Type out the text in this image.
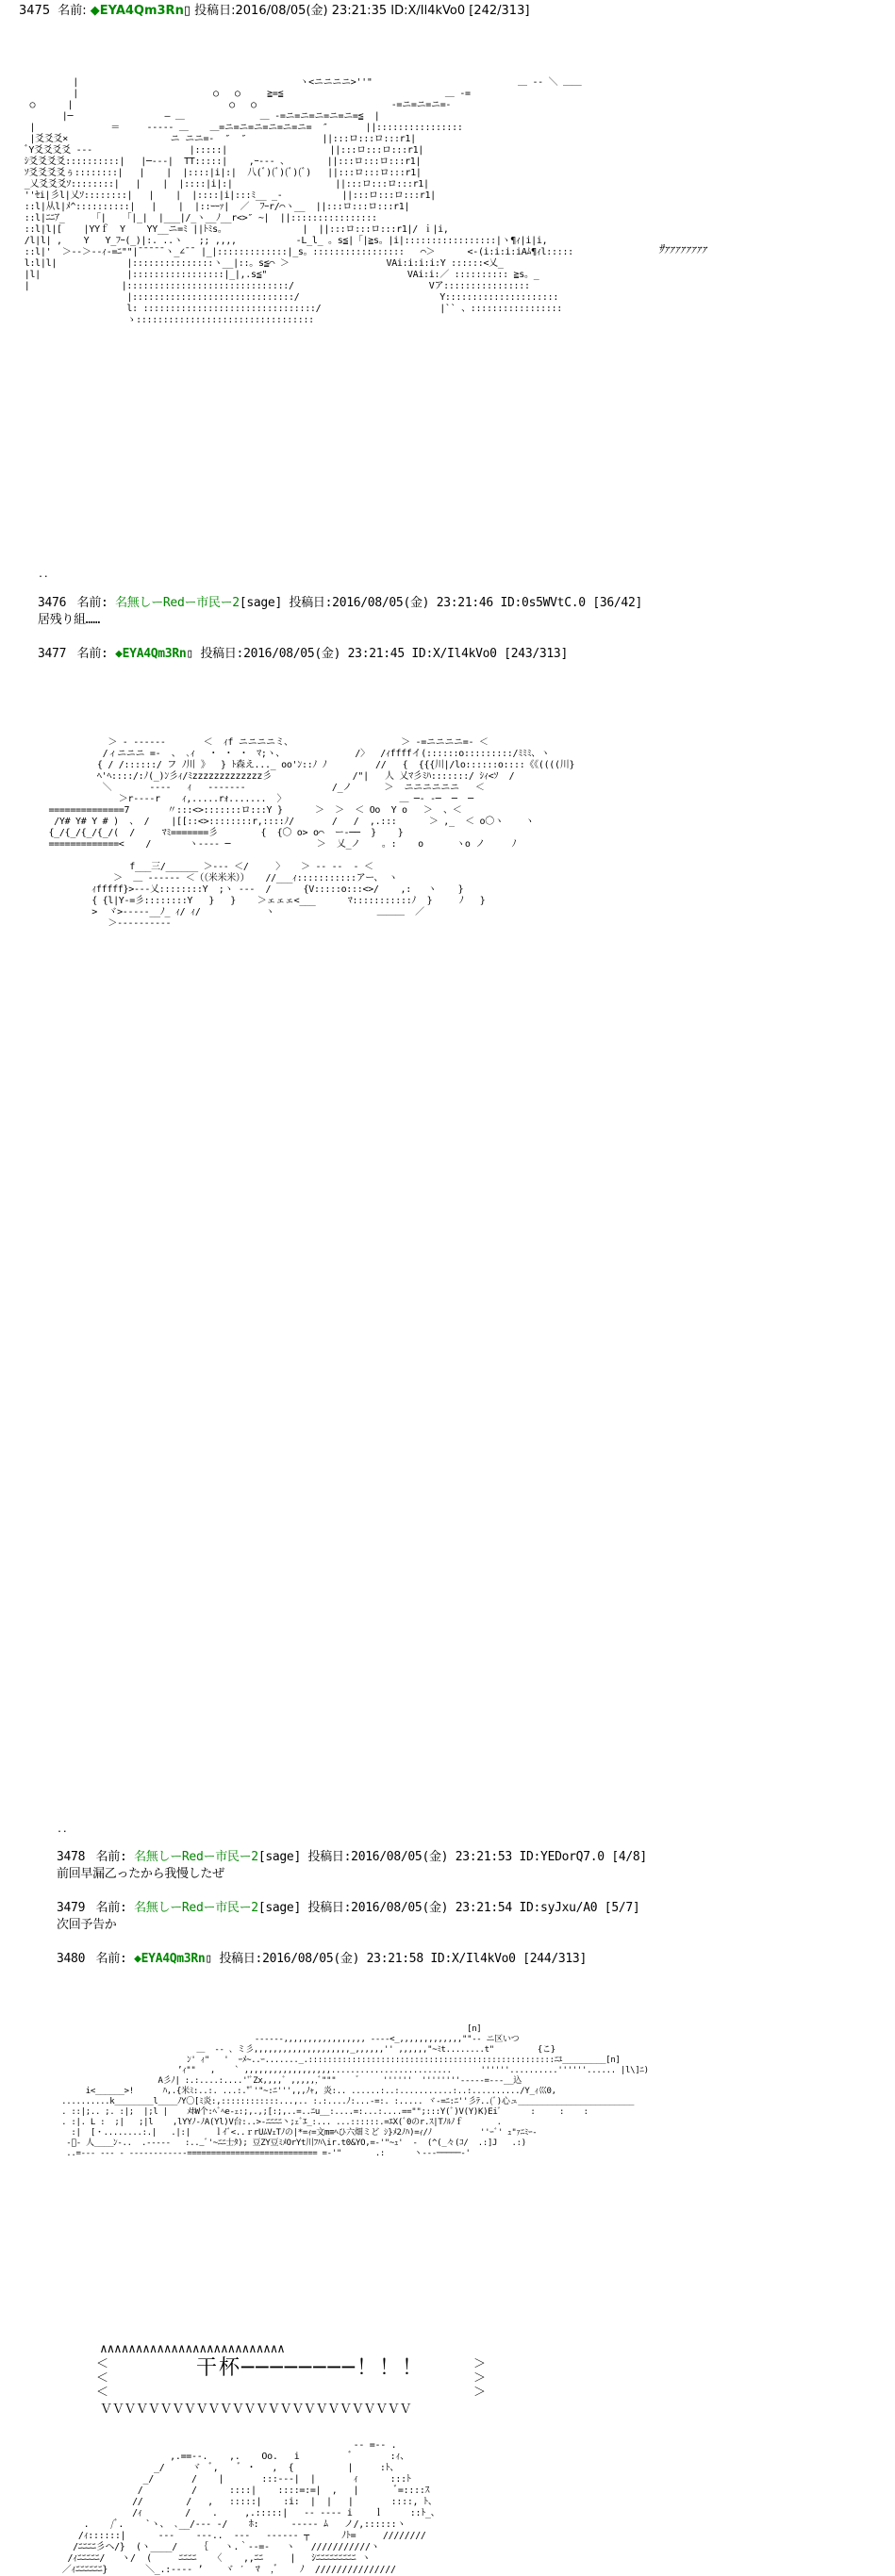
3475 名前: ◆EYA4Qm3Rn▯ 投稿日:2016/08/05(金) 23:21:35 ID:X/Il4kVo0 [242/313]

|                                         ヽ<ニニニニ>''"                           ＿ -‐ ＼ ＿＿
|                         ○   ○     ≧=≦                              ＿ -=
○      |                             ○   ○                         -=ニ=ニ=ニ=‐
|─                 ― ＿              ＿ -=ニ=ニ=ニ=ニ=ニ=≦  |
|              ＝     ‐‐‐‐‐ ＿    ＿=ニ=ニ=ニ=ニ=ニ=ニ=  ″       ||::::::::::::::::
|爻爻爻×                   ニ ニニ=-  ″  ″              ||:::ロ:::ロ:::r1|
ﾞY爻爻爻爻 ---                  |:::::|                   ||:::ロ:::ロ:::r1|
ｼ爻爻爻爻::::::::::|   |─‐‐‐|  TT:::::|    ,ｰ‐-‐ 、       ||:::ロ:::ロ:::r1|
ｿ爻爻爻爻ぅ::::::::|   |    |  |::::|i|:|  八(ﾞ)(ﾞ)(ﾞ)(ﾞ)   ||:::ロ:::ロ:::r1|
_乂爻爻爻ｿ::::::::|   |    |  |::::|i|:|                   ||:::ロ:::ロ:::r1|
''ｾi|彡l|乂ｿ::::::::|   |    |  |::::|i|:::ﾐ__ _‐           ||:::ロ:::ロ:::r1|
::l|从l|ﾒ^::::::::::|   |    |  |::ｰｰｧ|  ／  ﾌｰr/⌒ヽ__  ||:::ロ:::ロ:::r1|
::l|ﾆﾆｱ_     「|   「|_|  |___|/_ヽ__ﾉ__r<>″ ~|  ||::::::::::::::::
::l|l|[    |YYｆ  Y    YY__ニ=ﾐ ||ﾄﾐs。              |  ||:::ロ:::ロ:::r1|/ ｉ|i,
/l|l| ,    Y   Y_ﾌｰ(_)|:. ..ヽ   ;; ,,,,           ‐L_l_ 。s≦|「|≧s。|i|:::::::::::::::::|ヽ¶ｨ|i|i,
::l|'  ＞--＞--ｨ-=ﾆ""|¯¯¯¯¯ヽ_∠¯¯ |_|:::::::::::::|_s。:::::::::::::::::   ⌒＞	<-(i:i:i:iAﾑ¶ｨl:::::
l:l|l|             |:::::::::::::::ヽ__|::。s≦⌒ ＞                  VAi:i:i:i:Y ::::::<乂_
|l|                |:::::::::::::::::|_|,.s≦"                          VAi:i:／ :::::::::: ≧s。_
|                 |::::::::::::::::::::::::::::::/                         Vア::::::::::::::::
|::::::::::::::::::::::::::::::/                          Y:::::::::::::::::::::
l: ::::::::::::::::::::::::::::::::/                      |`` 、:::::::::::::::::
ゝ:::::::::::::::::::::::::::::::::

ｻｧｧｧｧｧｧｧｧ

..

3476 名前: 名無しーRedー市民ー2[sage] 投稿日:2016/08/05(金) 23:21:46 ID:0s5WVtC.0 [36/42]

居残り組……

3477 名前: ◆EYA4Qm3Rn▯ 投稿日:2016/08/05(金) 23:21:45 ID:X/Il4kVo0 [243/313]

＞ ‐ ‐‐‐‐‐‐       ＜  ｨf ニニニニミ、                    ＞ -=ニニニニ=- ＜
/ィニニニ =-  、 ､ｨ   ･  ･  ･  ﾏ;ヽ、             /〉  /ｨffffイ(::::::o:::::::::/ﾐﾐﾐ、ヽ
{ / /::::::/ フ ﾉ川 》  } ﾄ森え..._ oo'ﾝ::ﾉ ﾉ         //   {  {{{川|/lo::::::o::::《《((((川}
ﾍ'ﾍ::::/:ﾉ(_)ﾝ彡ｨ/ﾐzzzzzzzzzzzzz彡               /"|   人 乂ﾏ彡ﾐﾊ:::::::/ ｼｨ<ｿ  /
＼       ‐‐‐-   ｨ   ‐‐‐‐‐‐‐                /_ノ      ＞  ニニニニニニ   ＜
＞r----r    ｨ,.....rｫ.......  〉                     ＿ ─‐ ‐─  ─  ─
==============7       〃:::<>:::::::ロ:::Y }      ＞  ＞  ＜ Oo  Y o   ＞  、＜
/Y# Y# Y # )  、 /    |[[::<>::::::::r,::::ﾉ/       /   /  ,.:::      ＞ ,_  ＜ o〇ヽ    ヽ
{_/{_/{_/{_/(  /     ﾏﾐ=======彡        {  {〇 o> o⌒  ー‐──  }    }
=============<    /       ヽ‐‐-- ─                ＞  乂_ノ    。:    o      ヽo ノ     ﾉ

f___三/______ ＞‐‐‐ ＜/     〉   ＞ ‐‐ ‐‐  ‐ ＜
＞  ＿ ‐‐‐‐‐‐ ＜（（米米米））   //___ｨ:::::::::::アー、 ヽ
ｨfffff}>--‐乂::::::::Y  ;ヽ ‐‐‐  /      {V:::::o:::<>/    ,:   ヽ    }
{ {l|Y‐=彡::::::::Y   }   }    ＞ェェェ<___      ﾏ:::::::::::ﾉ  }     ﾉ   }
>  ヾ>‐‐‐‐‐__ﾉ_ ｨ/ ｨ/            ヽ                   ＿＿＿  ／
＞‐‐‐‐‐‐‐‐‐‐

..

3478 名前: 名無しーRedー市民ー2[sage] 投稿日:2016/08/05(金) 23:21:53 ID:YEDorQ7.0 [4/8]

前回早漏乙ったから我慢したぜ

3479 名前: 名無しーRedー市民ー2[sage] 投稿日:2016/08/05(金) 23:21:54 ID:syJxu/A0 [5/7]

次回予告か

3480 名前: ◆EYA4Qm3Rn▯ 投稿日:2016/08/05(金) 23:21:58 ID:X/Il4kVo0 [244/313]

[n]
‐‐‐‐‐‐,,,,,,,,,,,,,,,,, ‐‐‐‐<_,,,,,,,,,,,,,""‐‐ ニ区いつ
＿  ‐‐ 、ミ彡,,,,,,,,,,,,,,,,,,,,_,,,,,,'' ,,,,,,"~ﾐt........t"         {こ}
ﾝ' ｨ"   '  ｰﾒ~..ｰ......._.:::::::::::::::::::::::::::::::::::::::::::::::::::ﾆﾕ_________[n]
’ｨ""   ,    ` ,,,,,,,,,,,,,,,,,,.........................      ''''''..........''''''...... |l\]ﾆ)
A彡ﾉ| :.:....:....''ﾞZx,,,,ﾞ ,,,,,,ﾞ"""    ゛    ''''''  ''''''''‐‐‐‐‐=‐‐‐__込
i<______>!      ﾊ,.{米ﾐ:..:. ...:."ﾟ'"~:ﾆ''',,,ﾉｬ, 炎:.. ......:..:...........:..:........../Y_ｨ巛0,
..........k________l____ﾉY〇[ﾐ炎:,::::::::::::...,.. :.:....ﾉ:...-=:. :..... ヾ‐=ﾆ:ﾆ''彡ﾃ..(ﾞ)心ュ________________________
. ::|;.. ;. :|;  |;l |    ﾒﾎW个:ﾍﾞﾍe‐ｪ:;,.,;[:;,..=..ﾆu__:....=:...:....=="";:::Y(ﾞ)V(Y)K)Eiﾞ      :     :    :
. :|. L :  ;|   ;|l    ,lYYﾉ-ﾉA(Yl)V台:..>‐ﾆﾆﾆﾆ丶;ｪﾞｴ_:... ...::::::.=ｴX(ﾞ0のr.ｽ|Tﾉﾙﾉｆ       .
:|  [・........:.|   .|:|     ｌｲﾞ<..ｒrUﾑVｪTﾉの|*=ｨ=文m≡ﾍひ六畑ミど ｼ}ﾒ2ﾉﾊ)=ｨ/ﾉ          ''ｰﾞ' ｭ"ｧﾆﾐｰ‐
‐ﾞ‐ 人____ﾝ‐..  .‐‐‐‐‐   :.._ﾞ'~ﾆﾆ士ﾀ); 豆ZY豆ﾐﾒOrYt川ﾌﾊ\ir.t0&YO,=-'"~ｭ'  ‐  (^(_々(ｺ/  .:]J   .:)
..=‐‐‐ ‐‐‐ ‐ ‐‐‐‐--------=========================== =-'"       .:      ヽ‐‐‐─────‐'

∧∧∧∧∧∧∧∧∧∧∧∧∧∧∧∧∧∧∧∧∧∧∧∧∧∧

＜
＜
＜

＞
＞
＞

干杯────────！！！

ＶＶＶＶＶＶＶＶＶＶＶＶＶＶＶＶＶＶＶＶＶＶＶＶＶＶ

‐‐ =‐‐ .
,.==‐‐.    ,.    Oo.   i         ﾞ       :ｨ、
_/     ヾ  ﾞ,    ﾞ ・   ,  {          |     :ﾄ、
_/       /    |       :::‐‐‐|  |       ｨ      :::ﾄ
/         /      ::::|    ::::=:=|  ,   |       ﾞ=::::ｽ
//        /   ,   :::::|    :i:  |  |   |       ::::, ﾄ、
/ｨ        /    .     ,.:::::|   ‐‐ ‐‐‐‐ i    ｌ     ::ﾄ_、
.    /ﾞ.    `ヽ、 ､__/‐‐‐ ‐/    ﾎ:      ‐‐‐‐‐ ﾑ   ノ/,::::::ヽ
/ｨ::::::|      ‐‐‐    ‐‐‐..  ‐‐‐   ‐‐‐‐‐‐ ┬      ﾉﾄ=     ////////
/ﾆﾆﾆﾆ彡ヘ/}  (ヽ____/    ｛   ヽ.｀‐‐=‐   ヽ   ///////////ヽ
/ｨﾆﾆﾆﾆﾆ/   ヽ/  (     ﾆﾆﾆﾆ   〈    ,,ﾆﾆ     |   ｼﾆﾆﾆﾆﾆﾆﾆﾆﾆ ヽ
／ｨﾆﾆﾆﾆﾆﾆ}       ＼_.:-‐‐‐ ’    ヾ ′  ﾏ  ,ﾞ    ﾉ  ///////////////
